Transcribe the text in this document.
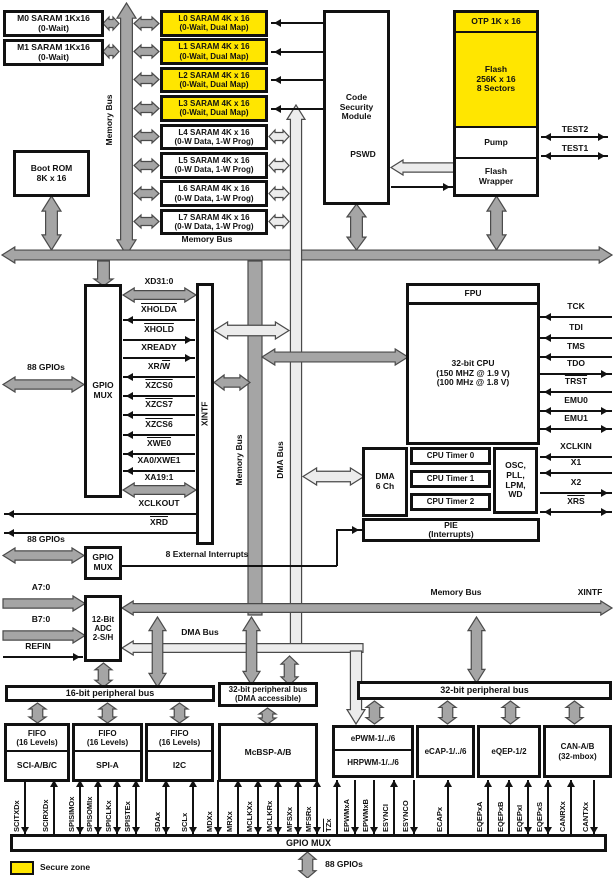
M0 SARAM 1Kx16
(0-Wait)
M1 SARAM 1Kx16
(0-Wait)
L0 SARAM 4K x 16
(0-Wait, Dual Map)
L1 SARAM 4K x 16
(0-Wait, Dual Map)
L2 SARAM 4K x 16
(0-Wait, Dual Map)
L3 SARAM 4K x 16
(0-Wait, Dual Map)
L4 SARAM 4K x 16
(0-W Data, 1-W Prog)
L5 SARAM 4K x 16
(0-W Data, 1-W Prog)
L6 SARAM 4K x 16
(0-W Data, 1-W Prog)
L7 SARAM 4K x 16
(0-W Data, 1-W Prog)
Boot ROM
8K x 16
Code
Security
Module
OTP 1K x 16
Flash
256K x 16
8 Sectors
Pump
Flash
Wrapper
TEST2
TEST1
PSWD
Memory Bus
Memory Bus
GPIO
MUX
XINTF
XD31:0
XHOLDA
XHOLD
XREADY
$XR/\overline{W}$
XZCS0
XZCS7
XZCS6
XWE0
XA0/XWE1
XA19:1
XCLKOUT
$\overline{XRD}$
88 GPIOs
88 GPIOs
Memory Bus	DMA Bus
FPU
32-bit CPU
(150 MHZ @ 1.9 V)
(100 MHz @ 1.8 V)
DMA
6 Ch
CPU Timer 0
CPU Timer 1
CPU Timer 2
OSC,
PLL,
LPM,
WD
PIE
(Interrupts)
TCK
TDI
TMS
TDO
TRST
EMU0
EMU1
XCLKIN
X1
X2
$\overline{XRS}$
GPIO
MUX
8 External Interrupts
12-Bit
ADC
2-S/H
A7:0
B7:0
REFIN
Memory Bus	XINTF
DMA Bus
16-bit peripheral bus
FIFO
(16 Levels)
SCI-A/B/C
FIFO
(16 Levels)
SPI-A
FIFO
(16 Levels)
I2C
32-bit peripheral bus
(DMA accessible)
McBSP-A/B
32-bit peripheral bus
ePWM-1/../6
HRPWM-1/../6
eCAP-1/../6	eQEP-1/2
CAN-A/B
(32-mbox)
SCITXDx	SCIRXDx SPISIMOx SPISOMIx SPICLKx SPISTEx	SDAx SCLx MDXx MRXx MCLKXx MCLKRx MFSXx MFSRx $\overline{TZx}$ EPWMxA EPWMxB ESYNCI ESYNCO	ECAPx	EQEPxA EQEPxB EQEPxI EQEPxS CANRXx CANTXx
GPIO MUX
88 GPIOs
Secure zone
